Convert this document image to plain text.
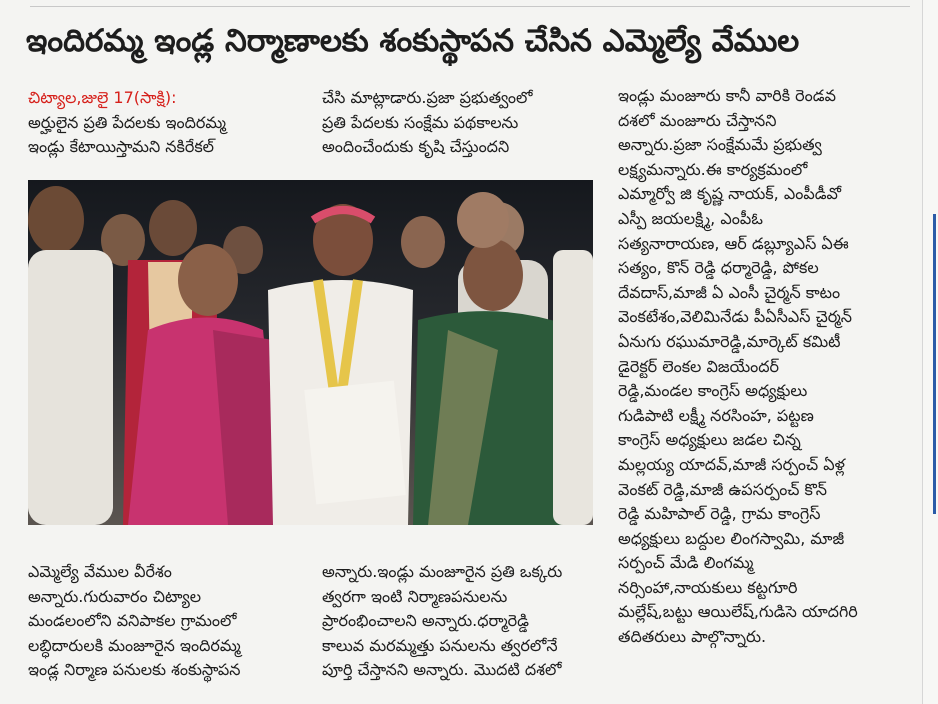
ఇందిరమ్మ ఇండ్ల నిర్మాణాలకు శంకుస్థాపన చేసిన ఎమ్మెల్యే వేముల
చిట్యాల,జులై 17(సాక్షి):
అర్హులైన ప్రతి పేదలకు ఇందిరమ్మ
ఇండ్లు కేటాయిస్తామని నకిరేకల్
చేసి మాట్లాడారు.ప్రజా ప్రభుత్వంలో
ప్రతి పేదలకు సంక్షేమ పథకాలను
అందించేందుకు కృషి చేస్తుందని
ఇండ్లు మంజూరు కానీ వారికి రెండవ
దశలో మంజూరు చేస్తానని
అన్నారు.ప్రజా సంక్షేమమే ప్రభుత్వ
లక్ష్యమన్నారు.ఈ కార్యక్రమంలో
ఎమ్మార్వో జి కృష్ణ నాయక్, ఎంపీడీవో
ఎస్పీ జయలక్ష్మి, ఎంపీఓ
సత్యనారాయణ, ఆర్ డబ్ల్యూఎస్ ఏఈ
సత్యం, కొన్ రెడ్డి ధర్మారెడ్డి, పోకల
దేవదాస్,మాజీ ఏ ఎంసీ చైర్మన్ కాటం
వెంకటేశం,వెలిమినేడు పీఏసీఎస్ చైర్మన్
ఏనుగు రఘుమారెడ్డి,మార్కెట్ కమిటీ
డైరెక్టర్ లెంకల విజయేందర్
రెడ్డి,మండల కాంగ్రెస్ అధ్యక్షులు
గుడిపాటి లక్ష్మీ నరసింహ, పట్టణ
కాంగ్రెస్ అధ్యక్షులు జడల చిన్న
మల్లయ్య యాదవ్,మాజీ సర్పంచ్ ఏళ్ల
వెంకట్ రెడ్డి,మాజీ ఉపసర్పంచ్ కొన్
రెడ్డి మహిపాల్ రెడ్డి, గ్రామ కాంగ్రెస్
అధ్యక్షులు బద్దుల లింగస్వామి, మాజీ
సర్పంచ్ మేడి లింగమ్మ
నర్సింహా,నాయకులు కట్టగూరి
మల్లేష్,బట్టు ఆయిలేష్,గుడిసె యాదగిరి
తదితరులు పాల్గొన్నారు.
ఎమ్మెల్యే వేముల వీరేశం
అన్నారు.గురువారం చిట్యాల
మండలంలోని వనిపాకల గ్రామంలో
లబ్ధిదారులకి మంజూరైన ఇందిరమ్మ
ఇండ్ల నిర్మాణ పనులకు శంకుస్థాపన
అన్నారు.ఇండ్లు మంజూరైన ప్రతి ఒక్కరు
త్వరగా ఇంటి నిర్మాణపనులను
ప్రారంభించాలని అన్నారు.ధర్మారెడ్డి
కాలువ మరమ్మత్తు పనులను త్వరలోనే
పూర్తి చేస్తానని అన్నారు. మొదటి దశలో
